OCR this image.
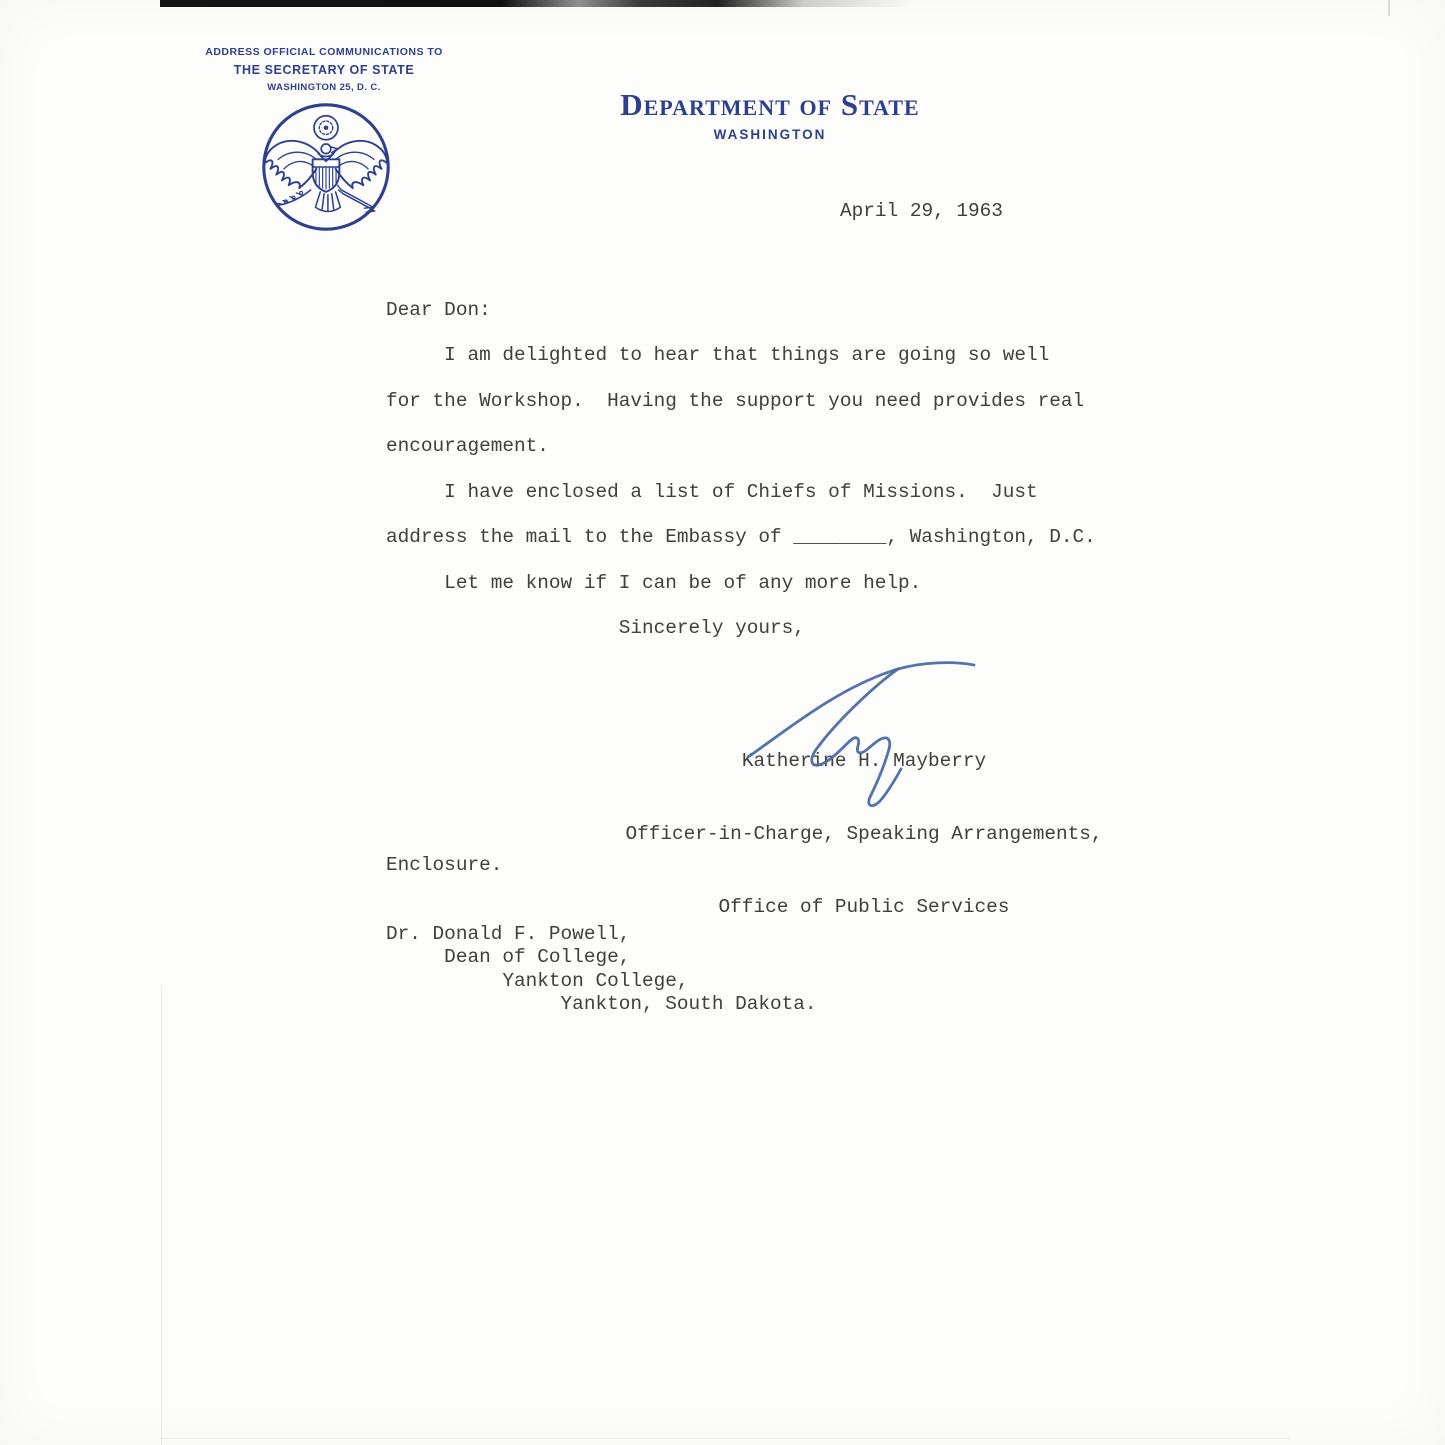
ADDRESS OFFICIAL COMMUNICATIONS TO
THE SECRETARY OF STATE
WASHINGTON 25, D. C.	Department of State
WASHINGTON
April 29, 1963
Dear Don:
I am delighted to hear that things are going so well
for the Workshop.  Having the support you need provides real
encouragement.
I have enclosed a list of Chiefs of Missions.  Just
address the mail to the Embassy of ________, Washington, D.C.
Let me know if I can be of any more help.
Sincerely yours,

Katherine H. Mayberry

Officer-in-Charge, Speaking Arrangements,

Office of Public Services

Enclosure.
Dr. Donald F. Powell,
Dean of College,
Yankton College,
Yankton, South Dakota.
